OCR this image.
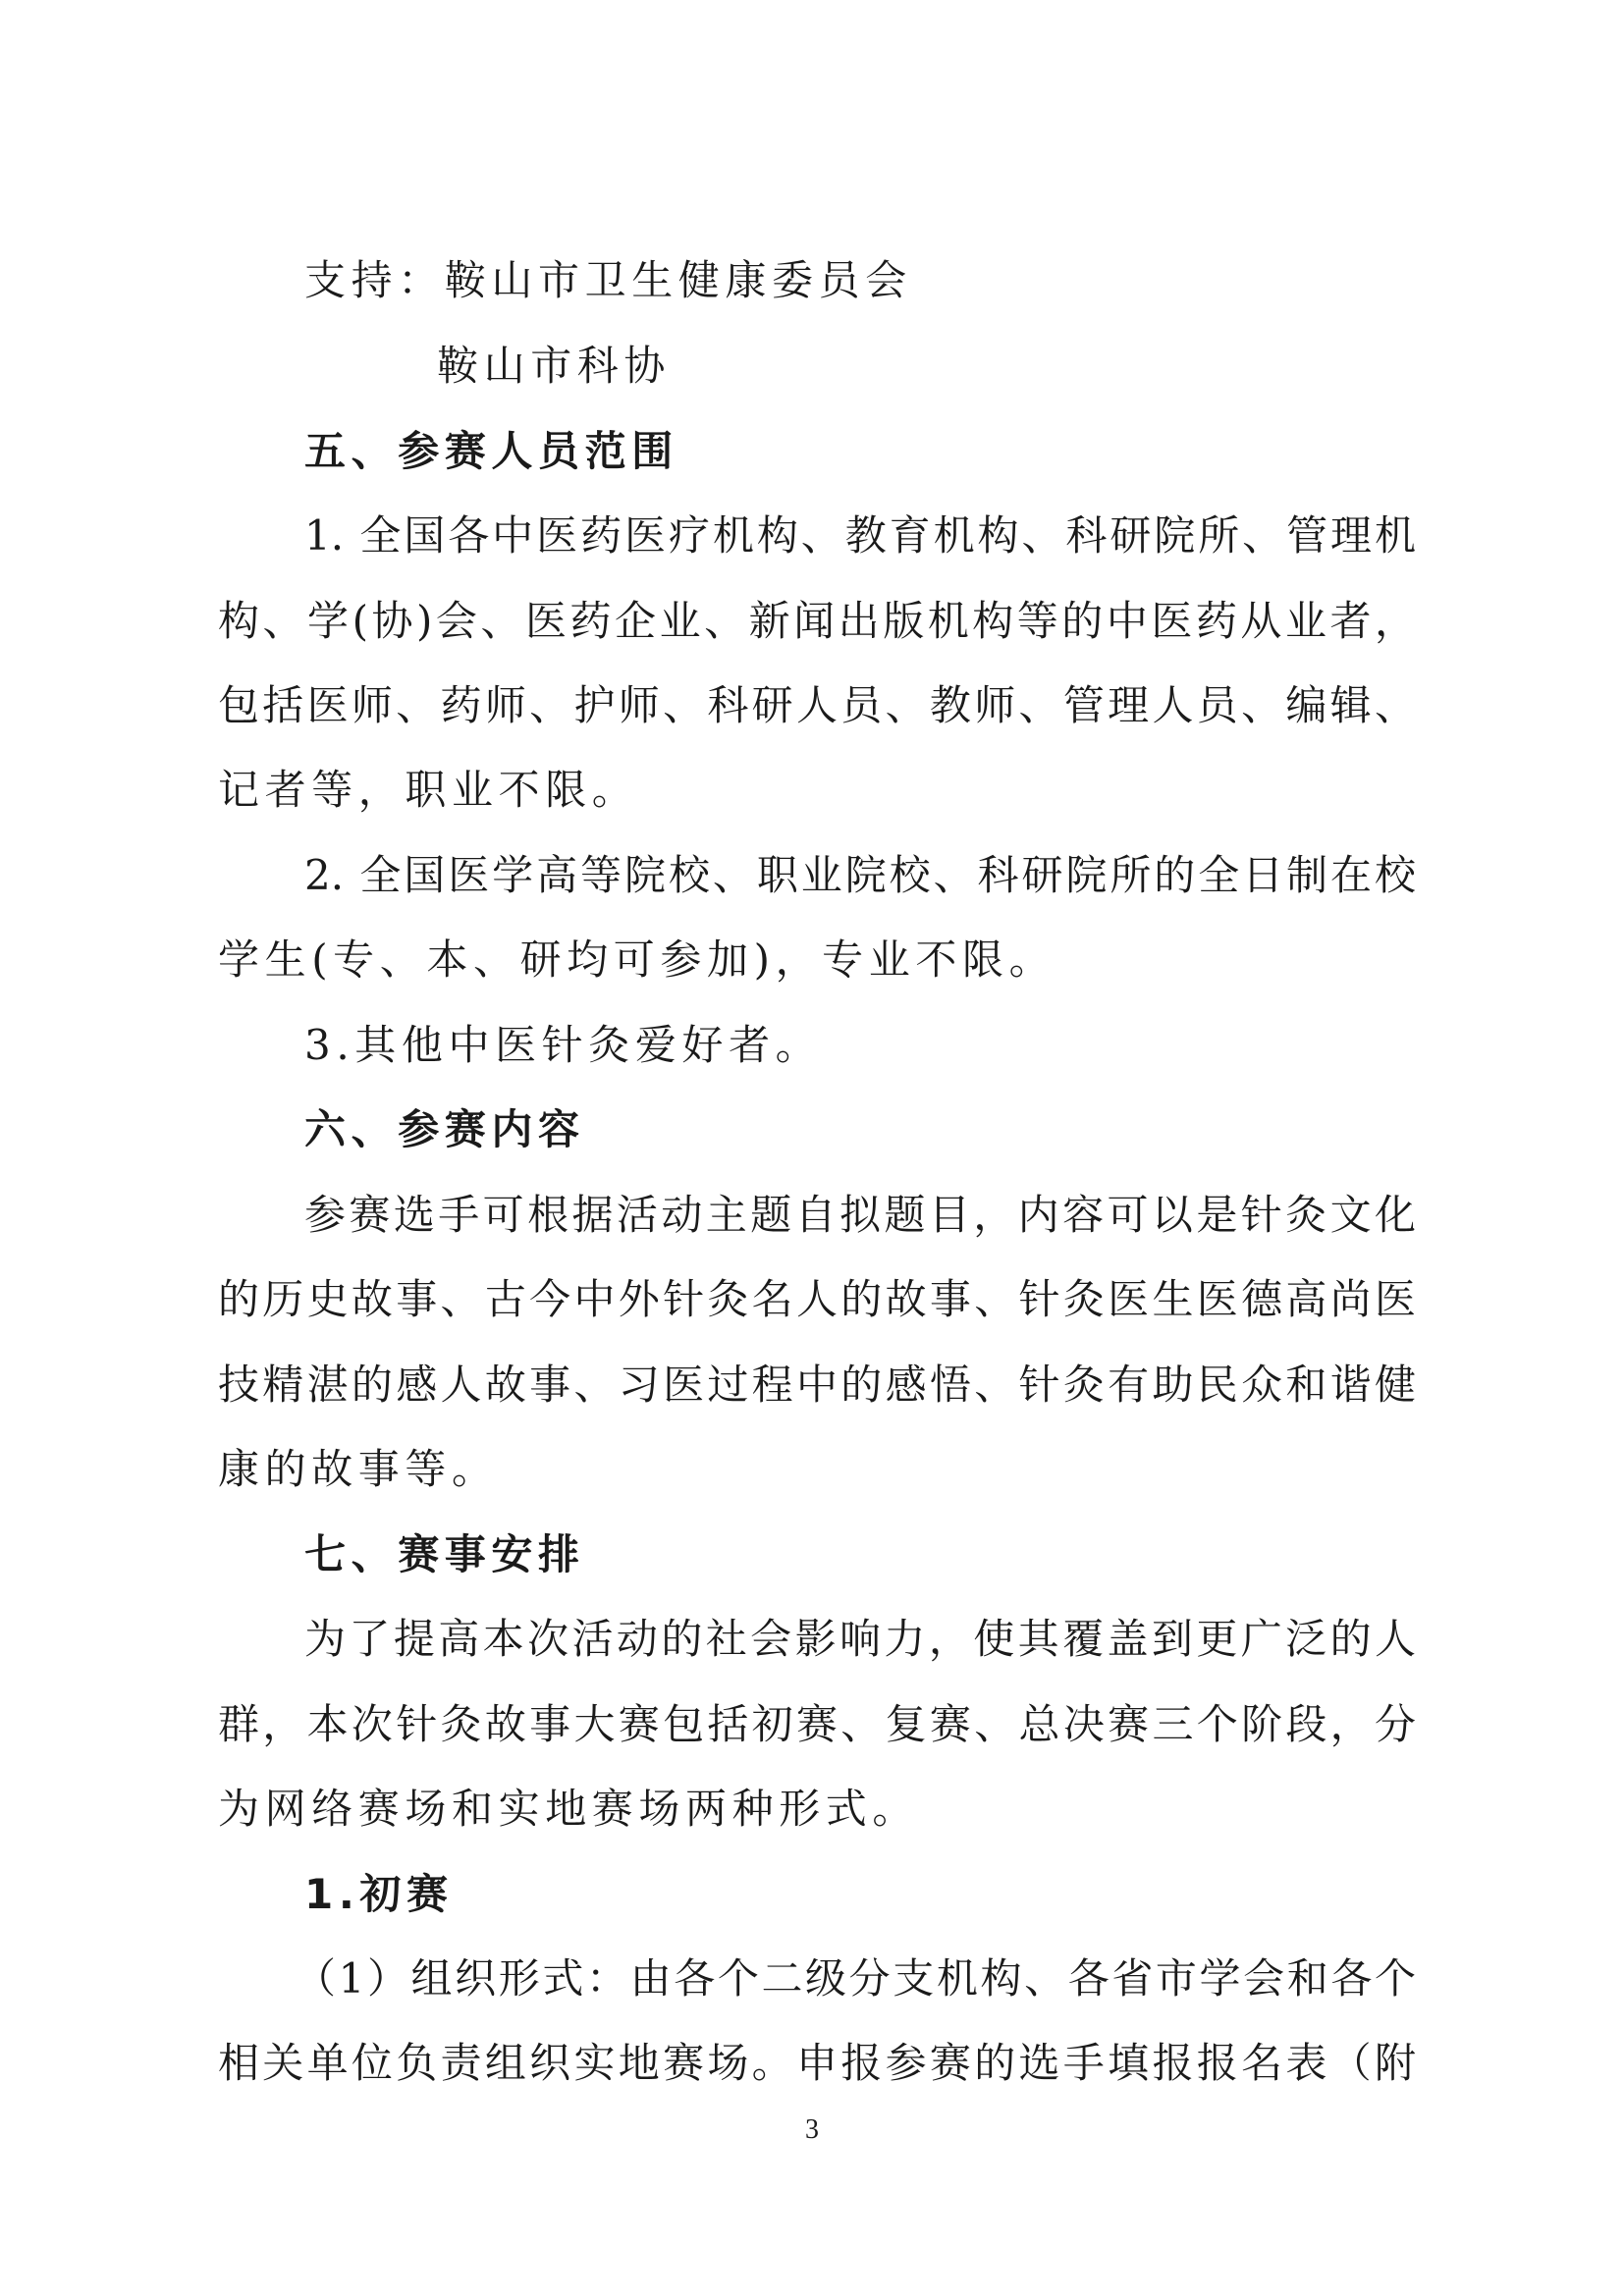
支持：鞍山市卫生健康委员会
鞍山市科协
五、参赛人员范围
1. 全国各中医药医疗机构、教育机构、科研院所、管理机
构、学(协)会、医药企业、新闻出版机构等的中医药从业者，
包括医师、药师、护师、科研人员、教师、管理人员、编辑、
记者等，职业不限。
2. 全国医学高等院校、职业院校、科研院所的全日制在校
学生(专、本、研均可参加)，专业不限。
3.其他中医针灸爱好者。
六、参赛内容
参赛选手可根据活动主题自拟题目，内容可以是针灸文化
的历史故事、古今中外针灸名人的故事、针灸医生医德高尚医
技精湛的感人故事、习医过程中的感悟、针灸有助民众和谐健
康的故事等。
七、赛事安排
为了提高本次活动的社会影响力，使其覆盖到更广泛的人
群，本次针灸故事大赛包括初赛、复赛、总决赛三个阶段，分
为网络赛场和实地赛场两种形式。
1.初赛
（1）组织形式：由各个二级分支机构、各省市学会和各个
相关单位负责组织实地赛场。申报参赛的选手填报报名表（附
3
